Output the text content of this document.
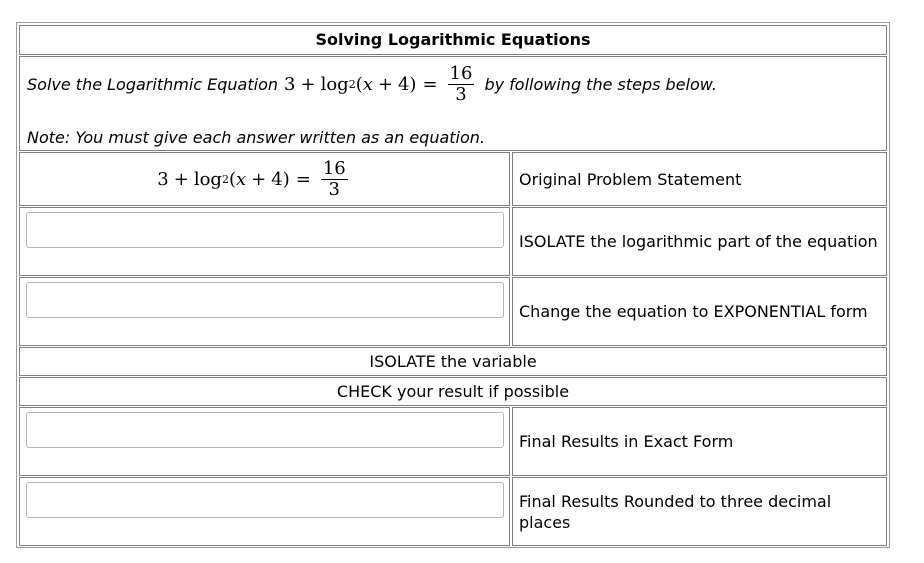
Solving Logarithmic Equations
Solve the Logarithmic Equation 3 + log 2 ( x + 4 ) = $\frac{16}{3}$ by following the steps below.
Note: You must give each answer written as an equation.
3 + log 2 ( x + 4 ) = $\frac{16}{3}$	Original Problem Statement
ISOLATE the logarithmic part of the equation
Change the equation to EXPONENTIAL form
ISOLATE the variable
CHECK your result if possible
Final Results in Exact Form
Final Results Rounded to three decimal places
